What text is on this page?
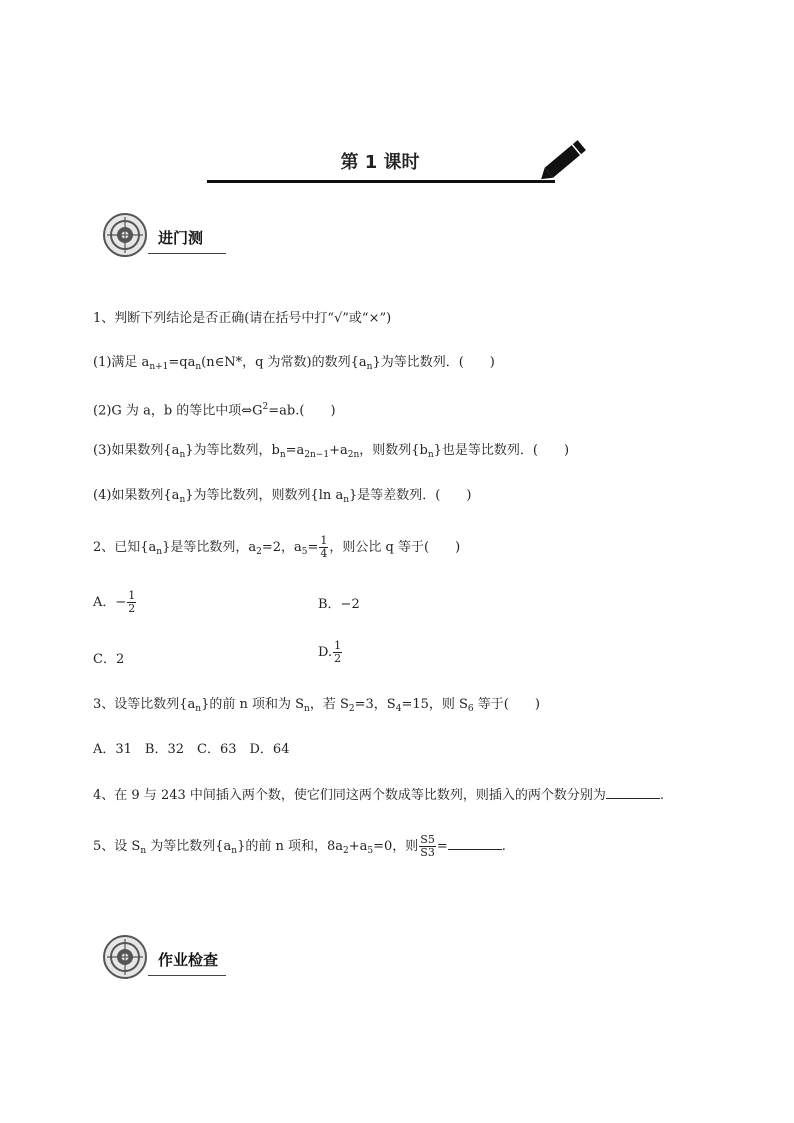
第 1 课时
进门测
1、判断下列结论是否正确(请在括号中打“√”或“×”)
(1)满足 $a_{n+1}=qa_n(n\in N*$，q 为常数)的数列$\{a_n\}$为等比数列．(　　)
(2)G 为 a，b 的等比中项$\Leftrightarrow G^2=ab$.(　　)
(3)如果数列$\{a_n\}$为等比数列，$b_n=a_{2n-1}+a_{2n}$，则数列$\{b_n\}$也是等比数列．(　　)
(4)如果数列$\{a_n\}$为等比数列，则数列{ln $a_n$}是等差数列．(　　)
2、已知$\{a_n\}$是等比数列，$a_2=2$，$a_5= \frac{1}{4}$ ，则公比 q 等于(　　)
A．− $\frac{1}{2}$	B．−2
C．2	D. $\frac{1}{2}$
3、设等比数列$\{a_n\}$的前 n 项和为 $S_n$，若 $S_2=3$，$S_4=15$，则 $S_6$ 等于(　　)
A．31　B．32　C．63　D．64
4、在 9 与 243 中间插入两个数，使它们同这两个数成等比数列，则插入的两个数分别为	.
5、设 $S_n$ 为等比数列$\{a_n\}$的前 n 项和，$8a_2+a_5=0$，则 $\frac{S5}{S3}$ =	.
作业检查
